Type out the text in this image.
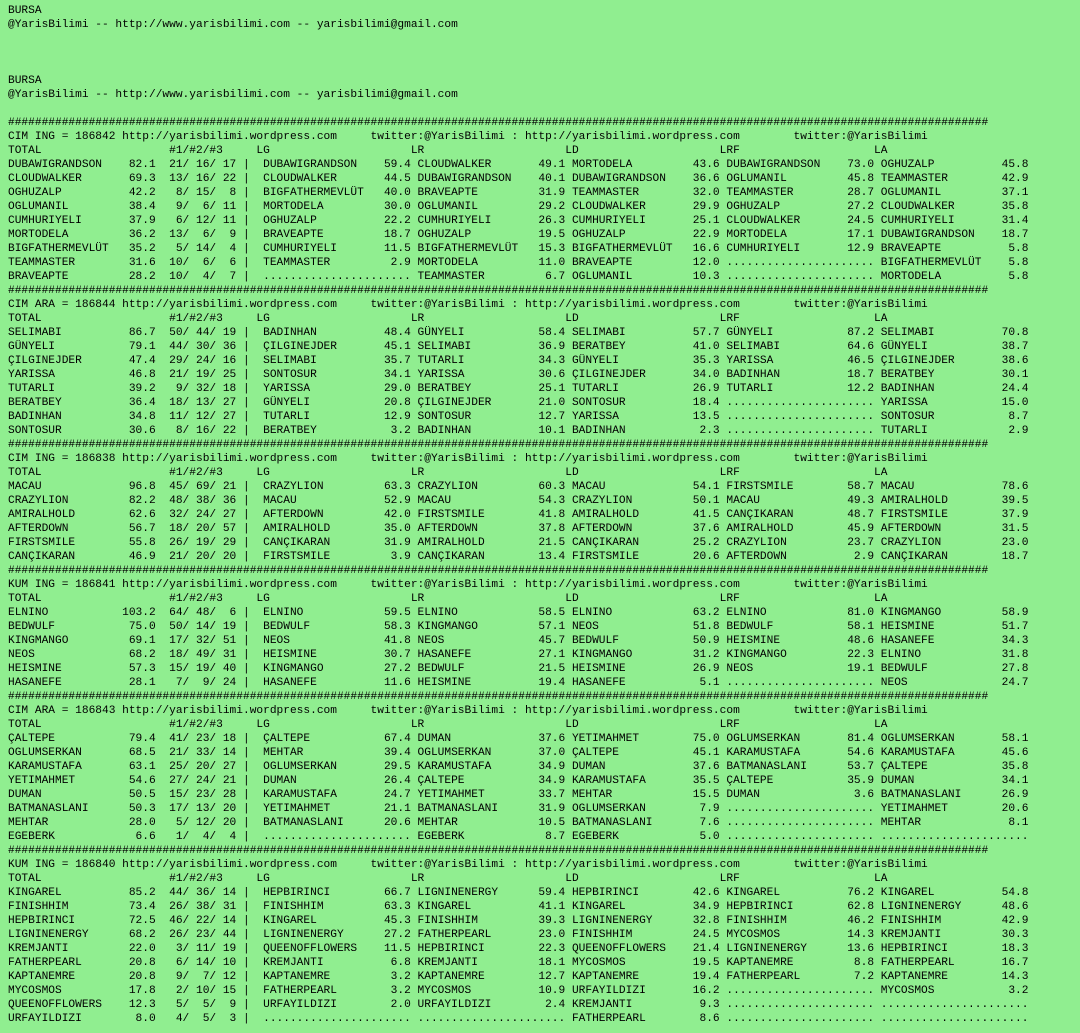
BURSA
@YarisBilimi -- http://www.yarisbilimi.com -- yarisbilimi@gmail.com
BURSA
@YarisBilimi -- http://www.yarisbilimi.com -- yarisbilimi@gmail.com
##################################################################################################################################################
CIM ING = 186842 http://yarisbilimi.wordpress.com     twitter:@YarisBilimi : http://yarisbilimi.wordpress.com        twitter:@YarisBilimi
TOTAL                   #1/#2/#3     LG                     LR                     LD                     LRF                    LA
DUBAWIGRANDSON    82.1  21/ 16/ 17 |  DUBAWIGRANDSON    59.4 CLOUDWALKER       49.1 MORTODELA         43.6 DUBAWIGRANDSON    73.0 OGHUZALP          45.8
CLOUDWALKER       69.3  13/ 16/ 22 |  CLOUDWALKER       44.5 DUBAWIGRANDSON    40.1 DUBAWIGRANDSON    36.6 OGLUMANIL         45.8 TEAMMASTER        42.9
OGHUZALP          42.2   8/ 15/  8 |  BIGFATHERMEVLÜT   40.0 BRAVEAPTE         31.9 TEAMMASTER        32.0 TEAMMASTER        28.7 OGLUMANIL         37.1
OGLUMANIL         38.4   9/  6/ 11 |  MORTODELA         30.0 OGLUMANIL         29.2 CLOUDWALKER       29.9 OGHUZALP          27.2 CLOUDWALKER       35.8
CUMHURIYELI       37.9   6/ 12/ 11 |  OGHUZALP          22.2 CUMHURIYELI       26.3 CUMHURIYELI       25.1 CLOUDWALKER       24.5 CUMHURIYELI       31.4
MORTODELA         36.2  13/  6/  9 |  BRAVEAPTE         18.7 OGHUZALP          19.5 OGHUZALP          22.9 MORTODELA         17.1 DUBAWIGRANDSON    18.7
BIGFATHERMEVLÜT   35.2   5/ 14/  4 |  CUMHURIYELI       11.5 BIGFATHERMEVLÜT   15.3 BIGFATHERMEVLÜT   16.6 CUMHURIYELI       12.9 BRAVEAPTE          5.8
TEAMMASTER        31.6  10/  6/  6 |  TEAMMASTER         2.9 MORTODELA         11.0 BRAVEAPTE         12.0 ...................... BIGFATHERMEVLÜT    5.8
BRAVEAPTE         28.2  10/  4/  7 |  ...................... TEAMMASTER         6.7 OGLUMANIL         10.3 ...................... MORTODELA          5.8
##################################################################################################################################################
CIM ARA = 186844 http://yarisbilimi.wordpress.com     twitter:@YarisBilimi : http://yarisbilimi.wordpress.com        twitter:@YarisBilimi
TOTAL                   #1/#2/#3     LG                     LR                     LD                     LRF                    LA
SELIMABI          86.7  50/ 44/ 19 |  BADINHAN          48.4 GÜNYELI           58.4 SELIMABI          57.7 GÜNYELI           87.2 SELIMABI          70.8
GÜNYELI           79.1  44/ 30/ 36 |  ÇILGINEJDER       45.1 SELIMABI          36.9 BERATBEY          41.0 SELIMABI          64.6 GÜNYELI           38.7
ÇILGINEJDER       47.4  29/ 24/ 16 |  SELIMABI          35.7 TUTARLI           34.3 GÜNYELI           35.3 YARISSA           46.5 ÇILGINEJDER       38.6
YARISSA           46.8  21/ 19/ 25 |  SONTOSUR          34.1 YARISSA           30.6 ÇILGINEJDER       34.0 BADINHAN          18.7 BERATBEY          30.1
TUTARLI           39.2   9/ 32/ 18 |  YARISSA           29.0 BERATBEY          25.1 TUTARLI           26.9 TUTARLI           12.2 BADINHAN          24.4
BERATBEY          36.4  18/ 13/ 27 |  GÜNYELI           20.8 ÇILGINEJDER       21.0 SONTOSUR          18.4 ...................... YARISSA           15.0
BADINHAN          34.8  11/ 12/ 27 |  TUTARLI           12.9 SONTOSUR          12.7 YARISSA           13.5 ...................... SONTOSUR           8.7
SONTOSUR          30.6   8/ 16/ 22 |  BERATBEY           3.2 BADINHAN          10.1 BADINHAN           2.3 ...................... TUTARLI            2.9
##################################################################################################################################################
CIM ING = 186838 http://yarisbilimi.wordpress.com     twitter:@YarisBilimi : http://yarisbilimi.wordpress.com        twitter:@YarisBilimi
TOTAL                   #1/#2/#3     LG                     LR                     LD                     LRF                    LA
MACAU             96.8  45/ 69/ 21 |  CRAZYLION         63.3 CRAZYLION         60.3 MACAU             54.1 FIRSTSMILE        58.7 MACAU             78.6
CRAZYLION         82.2  48/ 38/ 36 |  MACAU             52.9 MACAU             54.3 CRAZYLION         50.1 MACAU             49.3 AMIRALHOLD        39.5
AMIRALHOLD        62.6  32/ 24/ 27 |  AFTERDOWN         42.0 FIRSTSMILE        41.8 AMIRALHOLD        41.5 CANÇIKARAN        48.7 FIRSTSMILE        37.9
AFTERDOWN         56.7  18/ 20/ 57 |  AMIRALHOLD        35.0 AFTERDOWN         37.8 AFTERDOWN         37.6 AMIRALHOLD        45.9 AFTERDOWN         31.5
FIRSTSMILE        55.8  26/ 19/ 29 |  CANÇIKARAN        31.9 AMIRALHOLD        21.5 CANÇIKARAN        25.2 CRAZYLION         23.7 CRAZYLION         23.0
CANÇIKARAN        46.9  21/ 20/ 20 |  FIRSTSMILE         3.9 CANÇIKARAN        13.4 FIRSTSMILE        20.6 AFTERDOWN          2.9 CANÇIKARAN        18.7
##################################################################################################################################################
KUM ING = 186841 http://yarisbilimi.wordpress.com     twitter:@YarisBilimi : http://yarisbilimi.wordpress.com        twitter:@YarisBilimi
TOTAL                   #1/#2/#3     LG                     LR                     LD                     LRF                    LA
ELNINO           103.2  64/ 48/  6 |  ELNINO            59.5 ELNINO            58.5 ELNINO            63.2 ELNINO            81.0 KINGMANGO         58.9
BEDWULF           75.0  50/ 14/ 19 |  BEDWULF           58.3 KINGMANGO         57.1 NEOS              51.8 BEDWULF           58.1 HEISMINE          51.7
KINGMANGO         69.1  17/ 32/ 51 |  NEOS              41.8 NEOS              45.7 BEDWULF           50.9 HEISMINE          48.6 HASANEFE          34.3
NEOS              68.2  18/ 49/ 31 |  HEISMINE          30.7 HASANEFE          27.1 KINGMANGO         31.2 KINGMANGO         22.3 ELNINO            31.8
HEISMINE          57.3  15/ 19/ 40 |  KINGMANGO         27.2 BEDWULF           21.5 HEISMINE          26.9 NEOS              19.1 BEDWULF           27.8
HASANEFE          28.1   7/  9/ 24 |  HASANEFE          11.6 HEISMINE          19.4 HASANEFE           5.1 ...................... NEOS              24.7
##################################################################################################################################################
CIM ARA = 186843 http://yarisbilimi.wordpress.com     twitter:@YarisBilimi : http://yarisbilimi.wordpress.com        twitter:@YarisBilimi
TOTAL                   #1/#2/#3     LG                     LR                     LD                     LRF                    LA
ÇALTEPE           79.4  41/ 23/ 18 |  ÇALTEPE           67.4 DUMAN             37.6 YETIMAHMET        75.0 OGLUMSERKAN       81.4 OGLUMSERKAN       58.1
OGLUMSERKAN       68.5  21/ 33/ 14 |  MEHTAR            39.4 OGLUMSERKAN       37.0 ÇALTEPE           45.1 KARAMUSTAFA       54.6 KARAMUSTAFA       45.6
KARAMUSTAFA       63.1  25/ 20/ 27 |  OGLUMSERKAN       29.5 KARAMUSTAFA       34.9 DUMAN             37.6 BATMANASLANI      53.7 ÇALTEPE           35.8
YETIMAHMET        54.6  27/ 24/ 21 |  DUMAN             26.4 ÇALTEPE           34.9 KARAMUSTAFA       35.5 ÇALTEPE           35.9 DUMAN             34.1
DUMAN             50.5  15/ 23/ 28 |  KARAMUSTAFA       24.7 YETIMAHMET        33.7 MEHTAR            15.5 DUMAN              3.6 BATMANASLANI      26.9
BATMANASLANI      50.3  17/ 13/ 20 |  YETIMAHMET        21.1 BATMANASLANI      31.9 OGLUMSERKAN        7.9 ...................... YETIMAHMET        20.6
MEHTAR            28.0   5/ 12/ 20 |  BATMANASLANI      20.6 MEHTAR            10.5 BATMANASLANI       7.6 ...................... MEHTAR             8.1
EGEBERK            6.6   1/  4/  4 |  ...................... EGEBERK            8.7 EGEBERK            5.0 ...................... ......................
##################################################################################################################################################
KUM ING = 186840 http://yarisbilimi.wordpress.com     twitter:@YarisBilimi : http://yarisbilimi.wordpress.com        twitter:@YarisBilimi
TOTAL                   #1/#2/#3     LG                     LR                     LD                     LRF                    LA
KINGAREL          85.2  44/ 36/ 14 |  HEPBIRINCI        66.7 LIGNINENERGY      59.4 HEPBIRINCI        42.6 KINGAREL          76.2 KINGAREL          54.8
FINISHHIM         73.4  26/ 38/ 31 |  FINISHHIM         63.3 KINGAREL          41.1 KINGAREL          34.9 HEPBIRINCI        62.8 LIGNINENERGY      48.6
HEPBIRINCI        72.5  46/ 22/ 14 |  KINGAREL          45.3 FINISHHIM         39.3 LIGNINENERGY      32.8 FINISHHIM         46.2 FINISHHIM         42.9
LIGNINENERGY      68.2  26/ 23/ 44 |  LIGNINENERGY      27.2 FATHERPEARL       23.0 FINISHHIM         24.5 MYCOSMOS          14.3 KREMJANTI         30.3
KREMJANTI         22.0   3/ 11/ 19 |  QUEENOFFLOWERS    11.5 HEPBIRINCI        22.3 QUEENOFFLOWERS    21.4 LIGNINENERGY      13.6 HEPBIRINCI        18.3
FATHERPEARL       20.8   6/ 14/ 10 |  KREMJANTI          6.8 KREMJANTI         18.1 MYCOSMOS          19.5 KAPTANEMRE         8.8 FATHERPEARL       16.7
KAPTANEMRE        20.8   9/  7/ 12 |  KAPTANEMRE         3.2 KAPTANEMRE        12.7 KAPTANEMRE        19.4 FATHERPEARL        7.2 KAPTANEMRE        14.3
MYCOSMOS          17.8   2/ 10/ 15 |  FATHERPEARL        3.2 MYCOSMOS          10.9 URFAYILDIZI       16.2 ...................... MYCOSMOS           3.2
QUEENOFFLOWERS    12.3   5/  5/  9 |  URFAYILDIZI        2.0 URFAYILDIZI        2.4 KREMJANTI          9.3 ...................... ......................
URFAYILDIZI        8.0   4/  5/  3 |  ...................... ...................... FATHERPEARL        8.6 ...................... ......................
